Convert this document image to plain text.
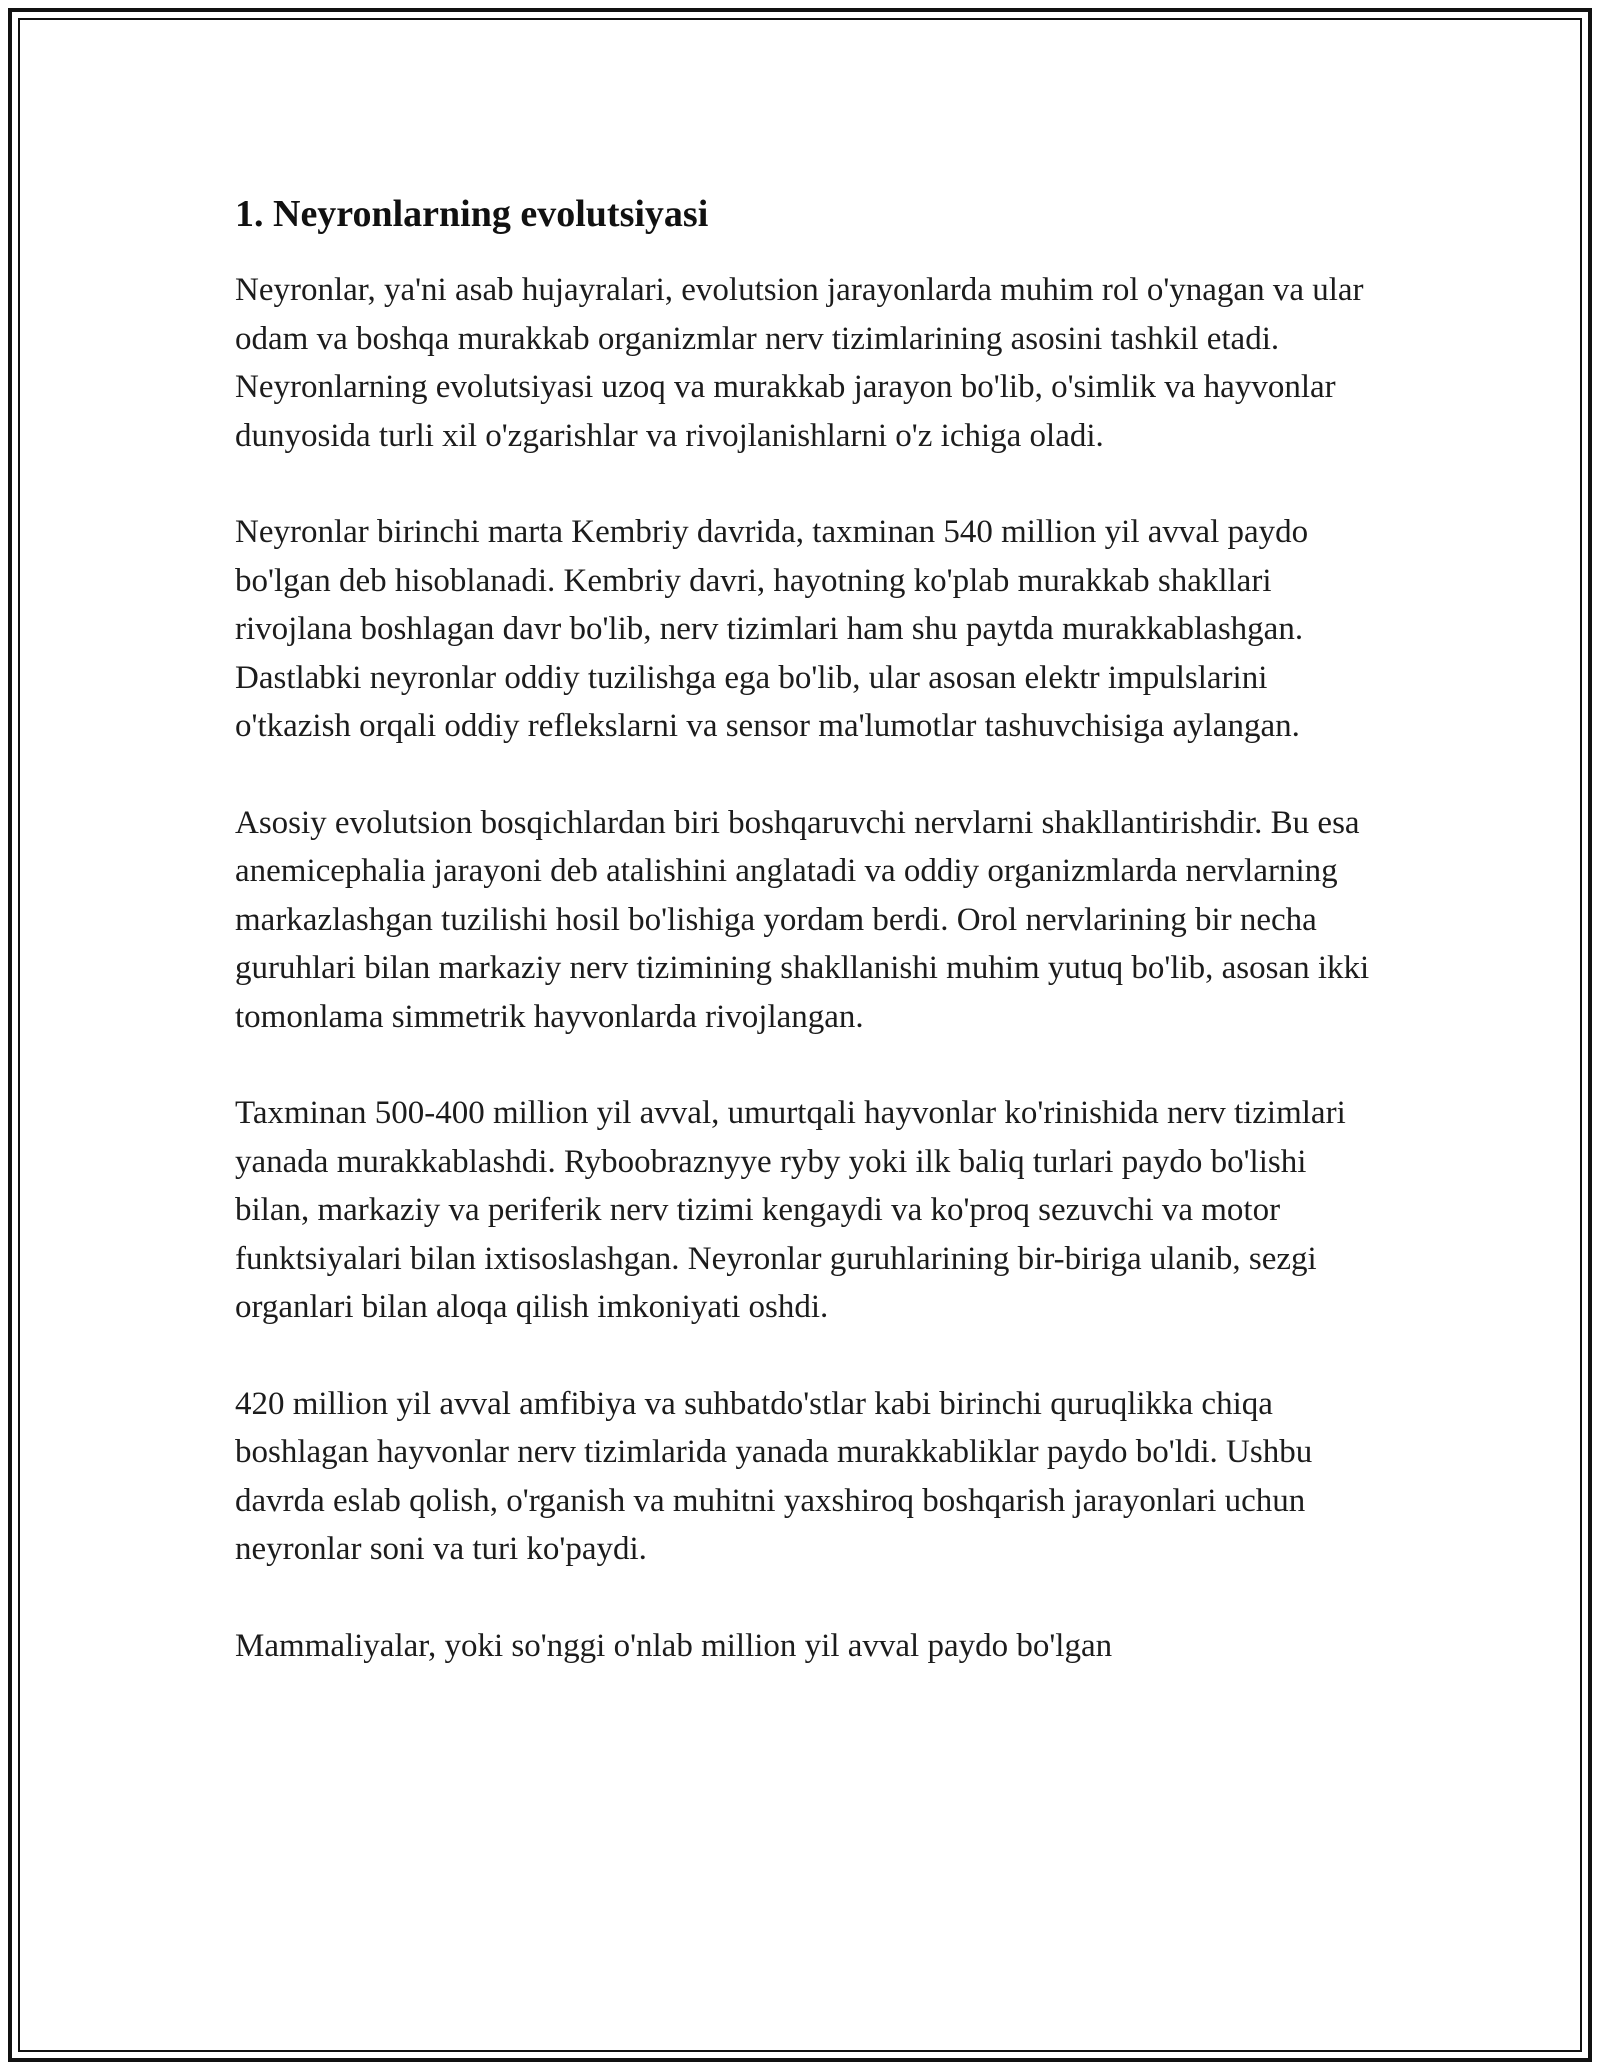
1. Neyronlarning evolutsiyasi

Neyronlar, ya'ni asab hujayralari, evolutsion jarayonlarda muhim rol o'ynagan va ular odam va boshqa murakkab organizmlar nerv tizimlarining asosini tashkil etadi. Neyronlarning evolutsiyasi uzoq va murakkab jarayon bo'lib, o'simlik va hayvonlar dunyosida turli xil o'zgarishlar va rivojlanishlarni o'z ichiga oladi.

Neyronlar birinchi marta Kembriy davrida, taxminan 540 million yil avval paydo bo'lgan deb hisoblanadi. Kembriy davri, hayotning ko'plab murakkab shakllari rivojlana boshlagan davr bo'lib, nerv tizimlari ham shu paytda murakkablashgan. Dastlabki neyronlar oddiy tuzilishga ega bo'lib, ular asosan elektr impulslarini o'tkazish orqali oddiy reflekslarni va sensor ma'lumotlar tashuvchisiga aylangan.

Asosiy evolutsion bosqichlardan biri boshqaruvchi nervlarni shakllantirishdir. Bu esa anemicephalia jarayoni deb atalishini anglatadi va oddiy organizmlarda nervlarning markazlashgan tuzilishi hosil bo'lishiga yordam berdi. Orol nervlarining bir necha guruhlari bilan markaziy nerv tizimining shakllanishi muhim yutuq bo'lib, asosan ikki tomonlama simmetrik hayvonlarda rivojlangan.

Taxminan 500-400 million yil avval, umurtqali hayvonlar ko'rinishida nerv tizimlari yanada murakkablashdi. Ryboobraznyye ryby yoki ilk baliq turlari paydo bo'lishi bilan, markaziy va periferik nerv tizimi kengaydi va ko'proq sezuvchi va motor funktsiyalari bilan ixtisoslashgan. Neyronlar guruhlarining bir-biriga ulanib, sezgi organlari bilan aloqa qilish imkoniyati oshdi.

420 million yil avval amfibiya va suhbatdo'stlar kabi birinchi quruqlikka chiqa boshlagan hayvonlar nerv tizimlarida yanada murakkabliklar paydo bo'ldi. Ushbu davrda eslab qolish, o'rganish va muhitni yaxshiroq boshqarish jarayonlari uchun neyronlar soni va turi ko'paydi.

Mammaliyalar, yoki so'nggi o'nlab million yil avval paydo bo'lgan
